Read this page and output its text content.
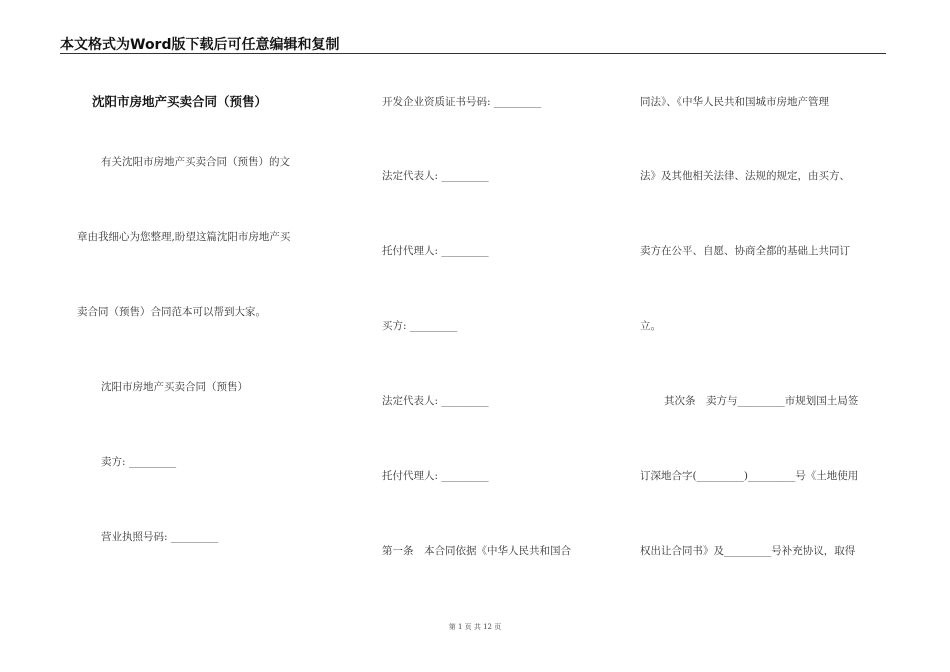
本文格式为Word版下载后可任意编辑和复制
沈阳市房地产买卖合同（预售）
有关沈阳市房地产买卖合同（预售）的文
章由我细心为您整理,盼望这篇沈阳市房地产买
卖合同（预售）合同范本可以帮到大家。
沈阳市房地产买卖合同（预售）
卖方: _________
营业执照号码: _________
开发企业资质证书号码: _________
法定代表人: _________
托付代理人: _________
买方: _________
法定代表人: _________
托付代理人: _________
第一条　本合同依据《中华人民共和国合
同法》、《中华人民共和国城市房地产管理
法》及其他相关法律、法规的规定，由买方、
卖方在公平、自愿、协商全都的基础上共同订
立。
其次条　卖方与_________市规划国土局签
订深地合字(_________)_________号《土地使用
权出让合同书》及_________号补充协议，取得
第 1 页 共 12 页
